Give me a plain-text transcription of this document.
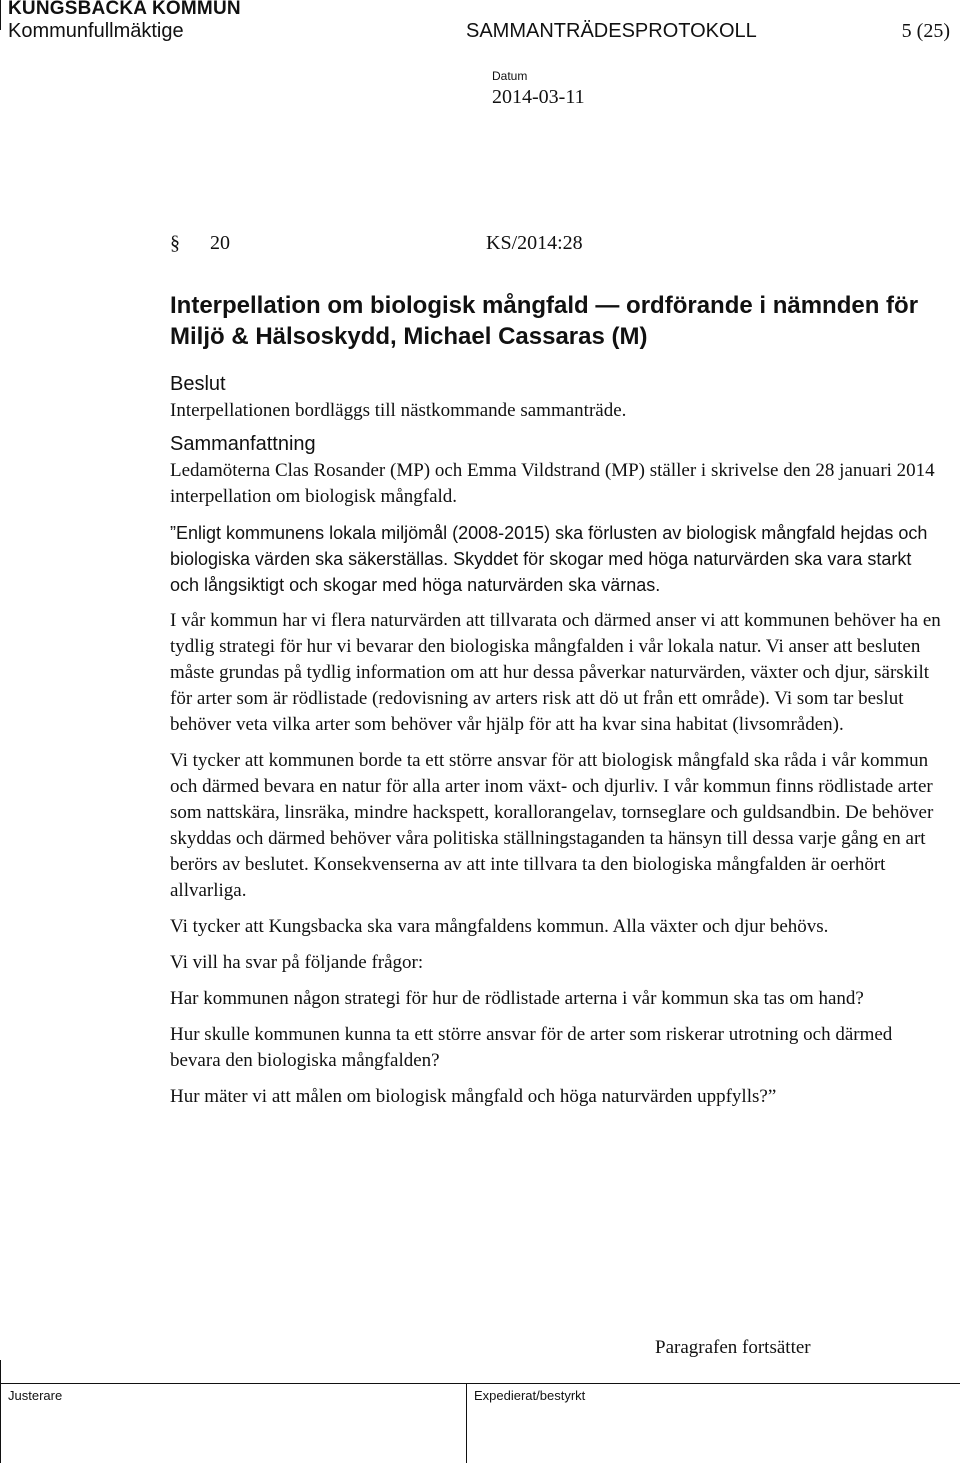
KUNGSBACKA KOMMUN
Kommunfullmäktige	SAMMANTRÄDESPROTOKOLL	5 (25)
Datum
2014-03-11
§ 20	KS/2014:28
Interpellation om biologisk mångfald — ordförande i nämnden för Miljö & Hälsoskydd, Michael Cassaras (M)
Beslut

Interpellationen bordläggs till nästkommande sammanträde.

Sammanfattning

Ledamöterna Clas Rosander (MP) och Emma Vildstrand (MP) ställer i skrivelse den 28 januari 2014 interpellation om biologisk mångfald.

”Enligt kommunens lokala miljömål (2008-2015) ska förlusten av biologisk mångfald hejdas och biologiska värden ska säkerställas. Skyddet för skogar med höga naturvärden ska vara starkt och långsiktigt och skogar med höga naturvärden ska värnas.

I vår kommun har vi flera naturvärden att tillvarata och därmed anser vi att kommunen behöver ha en tydlig strategi för hur vi bevarar den biologiska mångfalden i vår lokala natur. Vi anser att besluten måste grundas på tydlig information om att hur dessa påverkar naturvärden, växter och djur, särskilt för arter som är rödlistade (redovisning av arters risk att dö ut från ett område). Vi som tar beslut behöver veta vilka arter som behöver vår hjälp för att ha kvar sina habitat (livsområden).

Vi tycker att kommunen borde ta ett större ansvar för att biologisk mångfald ska råda i vår kommun och därmed bevara en natur för alla arter inom växt- och djurliv. I vår kommun finns rödlistade arter som nattskära, linsräka, mindre hackspett, korallorangelav, tornseglare och guldsandbin. De behöver skyddas och därmed behöver våra politiska ställningstaganden ta hänsyn till dessa varje gång en art berörs av beslutet. Konsekvenserna av att inte tillvara ta den biologiska mångfalden är oerhört allvarliga.

Vi tycker att Kungsbacka ska vara mångfaldens kommun. Alla växter och djur behövs.

Vi vill ha svar på följande frågor:

Har kommunen någon strategi för hur de rödlistade arterna i vår kommun ska tas om hand?

Hur skulle kommunen kunna ta ett större ansvar för de arter som riskerar utrotning och därmed bevara den biologiska mångfalden?

Hur mäter vi att målen om biologisk mångfald och höga naturvärden uppfylls?”

Paragrafen fortsätter
Justerare	Expedierat/bestyrkt
